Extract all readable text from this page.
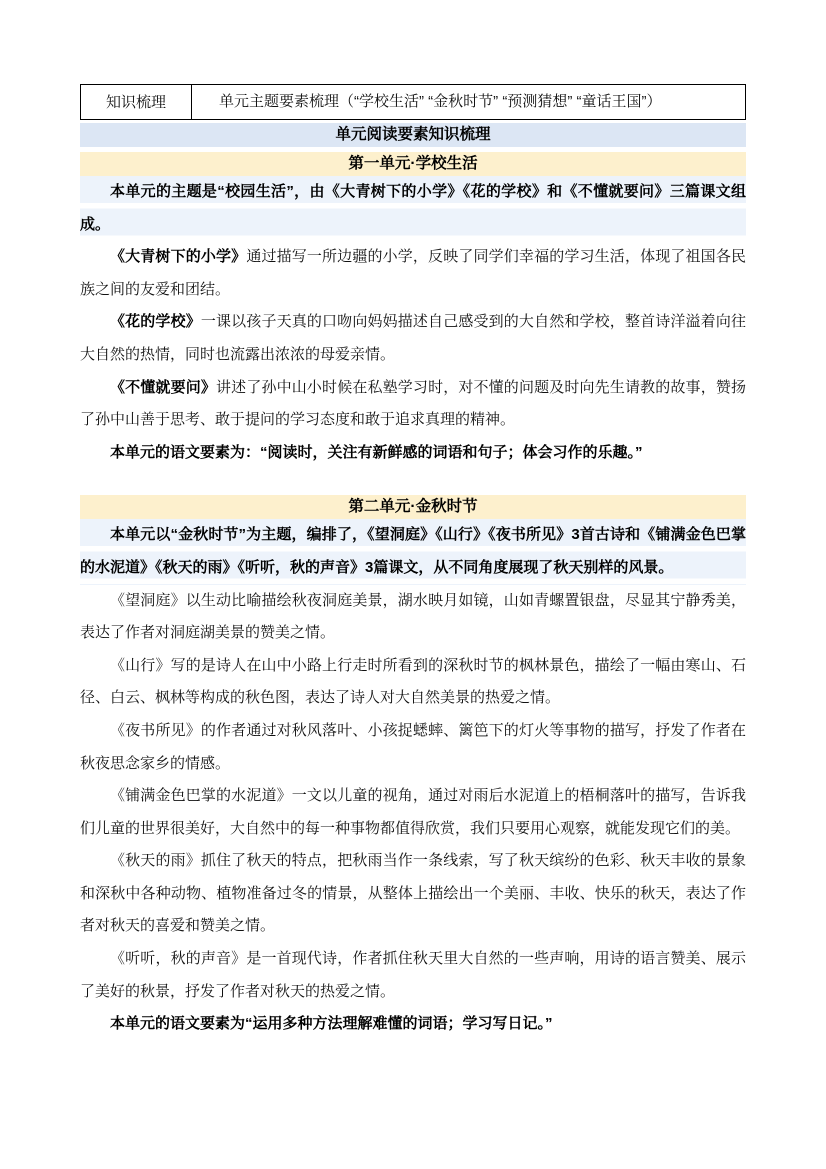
知识梳理	单元主题要素梳理（“学校生活” “金秋时节” “预测猜想” “童话王国”）
单元阅读要素知识梳理
第一单元·学校生活

本单元的主题是“校园生活”，由《大青树下的小学》《花的学校》和《不懂就要问》三篇课文组成。

《大青树下的小学》通过描写一所边疆的小学，反映了同学们幸福的学习生活，体现了祖国各民族之间的友爱和团结。

《花的学校》一课以孩子天真的口吻向妈妈描述自己感受到的大自然和学校，整首诗洋溢着向往大自然的热情，同时也流露出浓浓的母爱亲情。

《不懂就要问》讲述了孙中山小时候在私塾学习时，对不懂的问题及时向先生请教的故事，赞扬了孙中山善于思考、敢于提问的学习态度和敢于追求真理的精神。

本单元的语文要素为：“阅读时，关注有新鲜感的词语和句子；体会习作的乐趣。”

第二单元·金秋时节

本单元以“金秋时节”为主题，编排了，《望洞庭》《山行》《夜书所见》3首古诗和《铺满金色巴掌的水泥道》《秋天的雨》《听听，秋的声音》3篇课文，从不同角度展现了秋天别样的风景。

《望洞庭》以生动比喻描绘秋夜洞庭美景，湖水映月如镜，山如青螺置银盘，尽显其宁静秀美，表达了作者对洞庭湖美景的赞美之情。

《山行》写的是诗人在山中小路上行走时所看到的深秋时节的枫林景色，描绘了一幅由寒山、石径、白云、枫林等构成的秋色图，表达了诗人对大自然美景的热爱之情。

《夜书所见》的作者通过对秋风落叶、小孩捉蟋蟀、篱笆下的灯火等事物的描写，抒发了作者在秋夜思念家乡的情感。

《铺满金色巴掌的水泥道》一文以儿童的视角，通过对雨后水泥道上的梧桐落叶的描写，告诉我们儿童的世界很美好，大自然中的每一种事物都值得欣赏，我们只要用心观察，就能发现它们的美。

《秋天的雨》抓住了秋天的特点，把秋雨当作一条线索，写了秋天缤纷的色彩、秋天丰收的景象和深秋中各种动物、植物准备过冬的情景，从整体上描绘出一个美丽、丰收、快乐的秋天，表达了作者对秋天的喜爱和赞美之情。

《听听，秋的声音》是一首现代诗，作者抓住秋天里大自然的一些声响，用诗的语言赞美、展示了美好的秋景，抒发了作者对秋天的热爱之情。

本单元的语文要素为“运用多种方法理解难懂的词语；学习写日记。”
